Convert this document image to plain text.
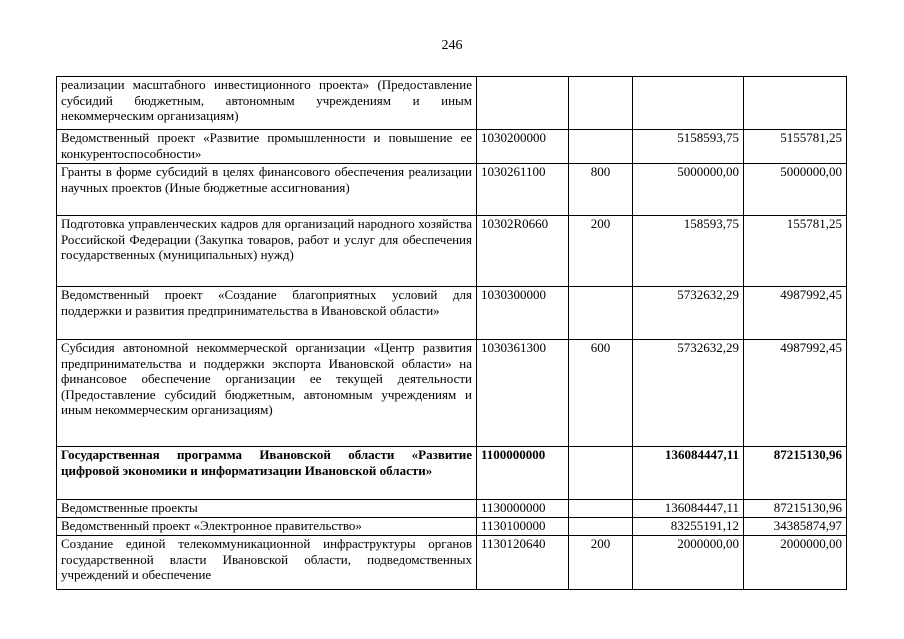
246
реализации масштабного инвестиционного проекта» (Предоставление субсидий бюджетным, автономным учреждениям и иным некоммерческим организациям)				
Ведомственный проект «Развитие промышленности и повышение ее конкурентоспособности»	1030200000		5158593,75	5155781,25
Гранты в форме субсидий в целях финансового обеспечения реализации научных проектов (Иные бюджетные ассигнования)	1030261100	800	5000000,00	5000000,00
Подготовка управленческих кадров для организаций народного хозяйства Российской Федерации (Закупка товаров, работ и услуг для обеспечения государственных (муниципальных) нужд)	10302R0660	200	158593,75	155781,25
Ведомственный проект «Создание благоприятных условий для поддержки и развития предпринимательства в Ивановской области»	1030300000		5732632,29	4987992,45
Субсидия автономной некоммерческой организации «Центр развития предпринимательства и поддержки экспорта Ивановской области» на финансовое обеспечение организации ее текущей деятельности (Предоставление субсидий бюджетным, автономным учреждениям и иным некоммерческим организациям)	1030361300	600	5732632,29	4987992,45
Государственная программа Ивановской области «Развитие цифровой экономики и информатизации Ивановской области»	1100000000		136084447,11	87215130,96
Ведомственные проекты	1130000000		136084447,11	87215130,96
Ведомственный проект «Электронное правительство»	1130100000		83255191,12	34385874,97
Создание единой телекоммуникационной инфраструктуры органов государственной власти Ивановской области, подведомственных учреждений и обеспечение	1130120640	200	2000000,00	2000000,00
